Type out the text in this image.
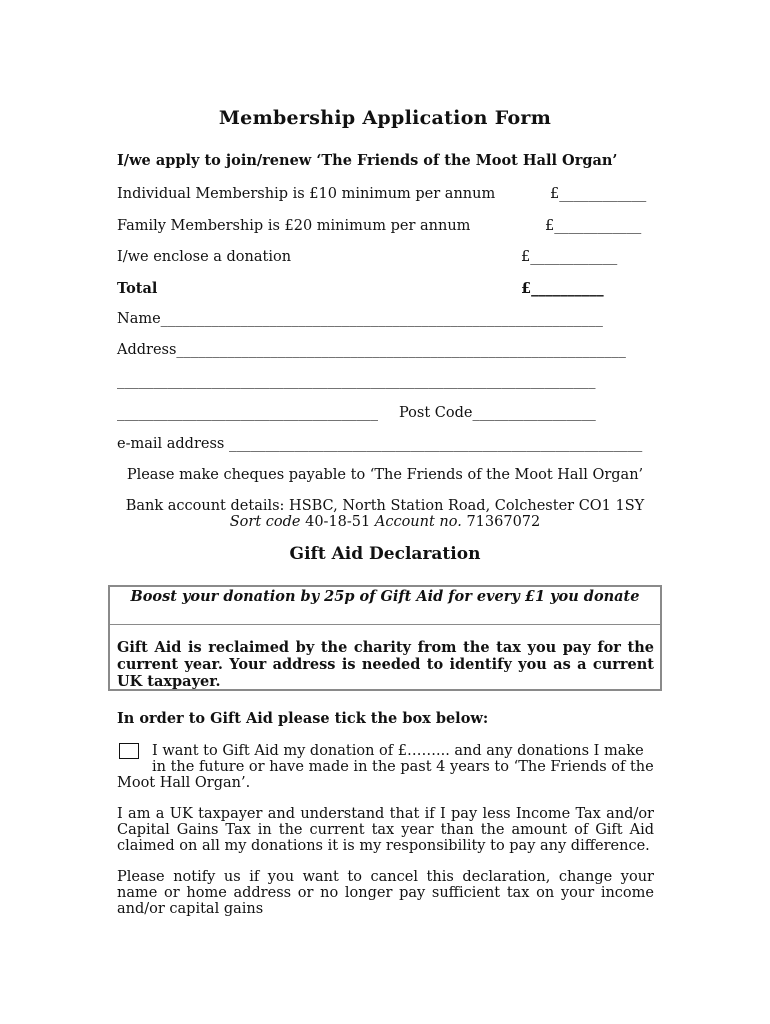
Membership Application Form
I/we apply to join/renew ‘The Friends of the Moot Hall Organ’
Individual Membership is £10 minimum per annum	£____________
Family Membership is £20 minimum per annum	£____________
I/we enclose a donation	£____________
Total	£__________
Name_____________________________________________________________
Address______________________________________________________________
__________________________________________________________________
____________________________________ Post Code_________________
e-mail address _________________________________________________________
Please make cheques payable to ‘The Friends of the Moot Hall Organ’
Bank account details: HSBC, North Station Road, Colchester CO1 1SY
Sort code 40-18-51 Account no. 71367072
Gift Aid Declaration
Boost your donation by 25p of Gift Aid for every £1 you donate
Gift Aid is reclaimed by the charity from the tax you pay for the current year. Your address is needed to identify you as a current UK taxpayer.
In order to Gift Aid please tick the box below:
I want to Gift Aid my donation of £……... and any donations I make
in the future or have made in the past 4 years to ‘The Friends of the
Moot Hall Organ’.
I am a UK taxpayer and understand that if I pay less Income Tax and/or Capital Gains Tax in the current tax year than the amount of Gift Aid claimed on all my donations it is my responsibility to pay any difference.
Please notify us if you want to cancel this declaration, change your name or home address or no longer pay sufficient tax on your income and/or capital gains
